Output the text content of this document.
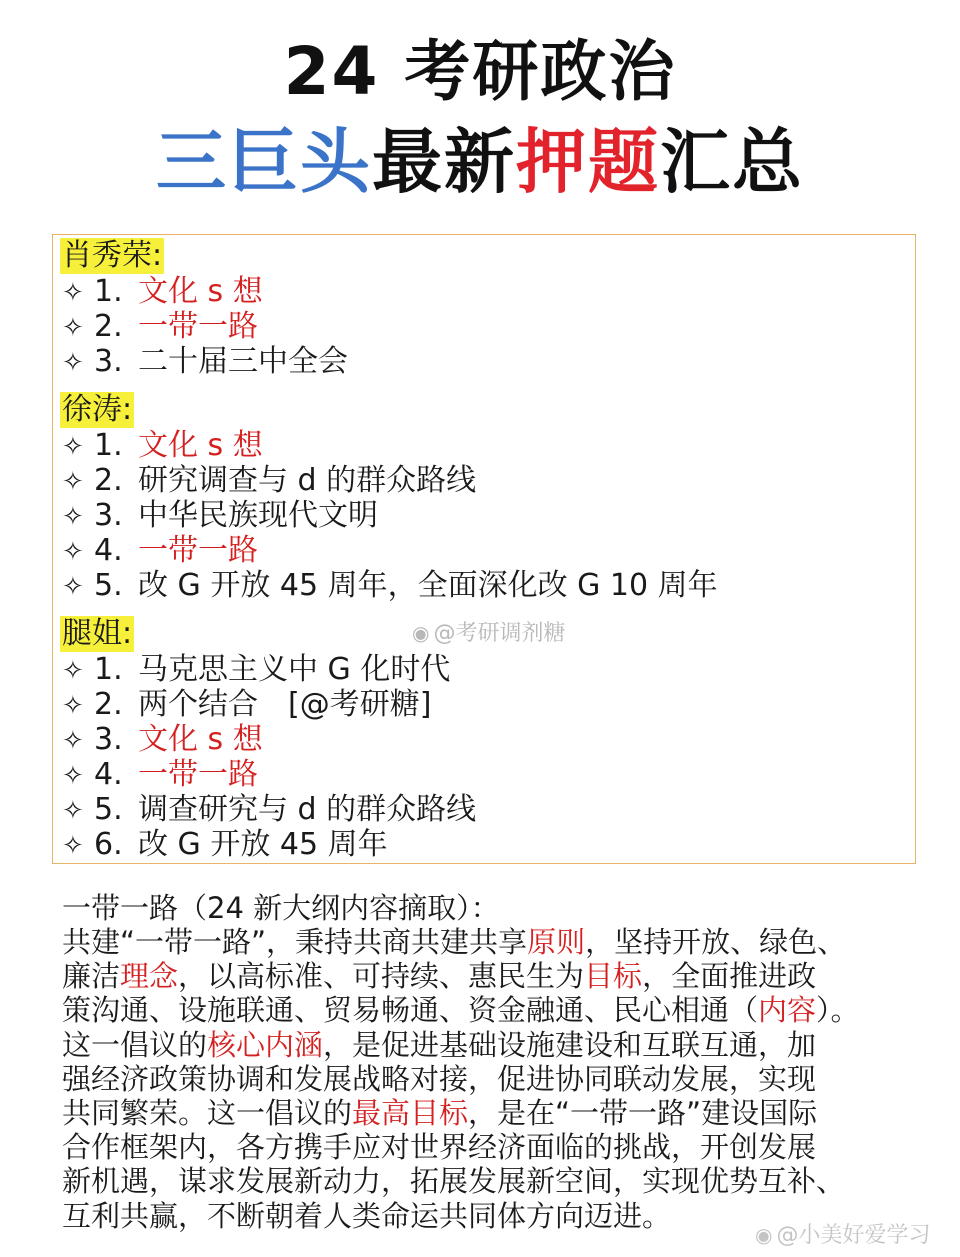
24 考研政治
三巨头最新押题汇总
肖秀荣:
✧ 1. 文化 s 想
✧ 2. 一带一路
✧ 3. 二十届三中全会
徐涛:
✧ 1. 文化 s 想
✧ 2. 研究调查与 d 的群众路线
✧ 3. 中华民族现代文明
✧ 4. 一带一路
✧ 5. 改 G 开放 45 周年，全面深化改 G 10 周年
腿姐:
✧ 1. 马克思主义中 G 化时代
✧ 2. 两个结合　[@考研糖]
✧ 3. 文化 s 想
✧ 4. 一带一路
✧ 5. 调查研究与 d 的群众路线
✧ 6. 改 G 开放 45 周年
◉ @考研调剂糖
一带一路（24 新大纲内容摘取）：
共建“一带一路”，秉持共商共建共享原则，坚持开放、绿色、
廉洁理念，以高标准、可持续、惠民生为目标，全面推进政
策沟通、设施联通、贸易畅通、资金融通、民心相通（内容）。
这一倡议的核心内涵，是促进基础设施建设和互联互通，加
强经济政策协调和发展战略对接，促进协同联动发展，实现
共同繁荣。这一倡议的最高目标，是在“一带一路”建设国际
合作框架内，各方携手应对世界经济面临的挑战，开创发展
新机遇，谋求发展新动力，拓展发展新空间，实现优势互补、
互利共赢，不断朝着人类命运共同体方向迈进。
◉ @小美好爱学习
